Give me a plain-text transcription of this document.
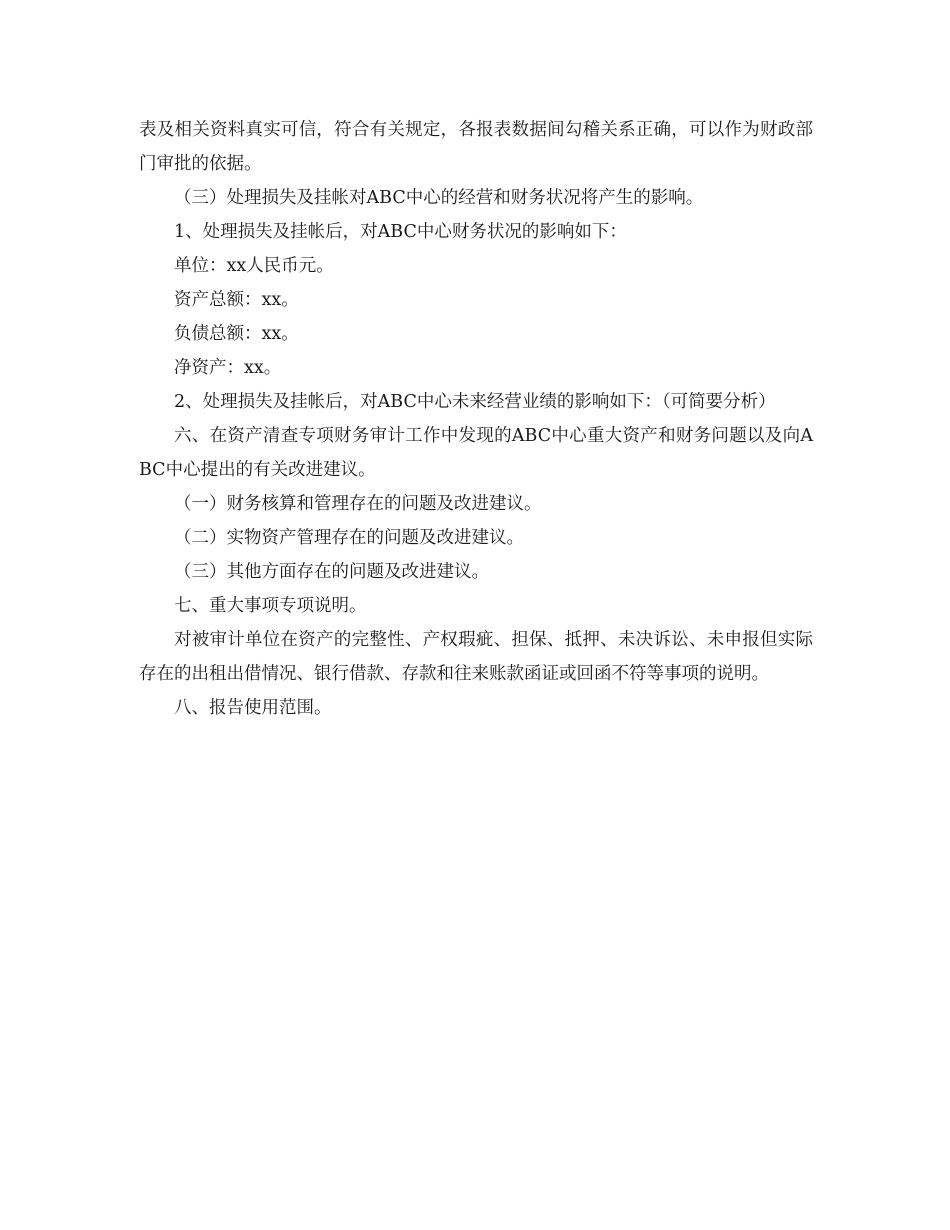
表及相关资料真实可信，符合有关规定，各报表数据间勾稽关系正确，可以作为财政部门审批的依据。

（三）处理损失及挂帐对ABC中心的经营和财务状况将产生的影响。

1、处理损失及挂帐后，对ABC中心财务状况的影响如下：

单位：xx人民币元。

资产总额：xx。

负债总额：xx。

净资产：xx。

2、处理损失及挂帐后，对ABC中心未来经营业绩的影响如下：（可简要分析）

六、在资产清查专项财务审计工作中发现的ABC中心重大资产和财务问题以及向ABC中心提出的有关改进建议。

（一）财务核算和管理存在的问题及改进建议。

（二）实物资产管理存在的问题及改进建议。

（三）其他方面存在的问题及改进建议。

七、重大事项专项说明。

对被审计单位在资产的完整性、产权瑕疵、担保、抵押、未决诉讼、未申报但实际存在的出租出借情况、银行借款、存款和往来账款函证或回函不符等事项的说明。

八、报告使用范围。
